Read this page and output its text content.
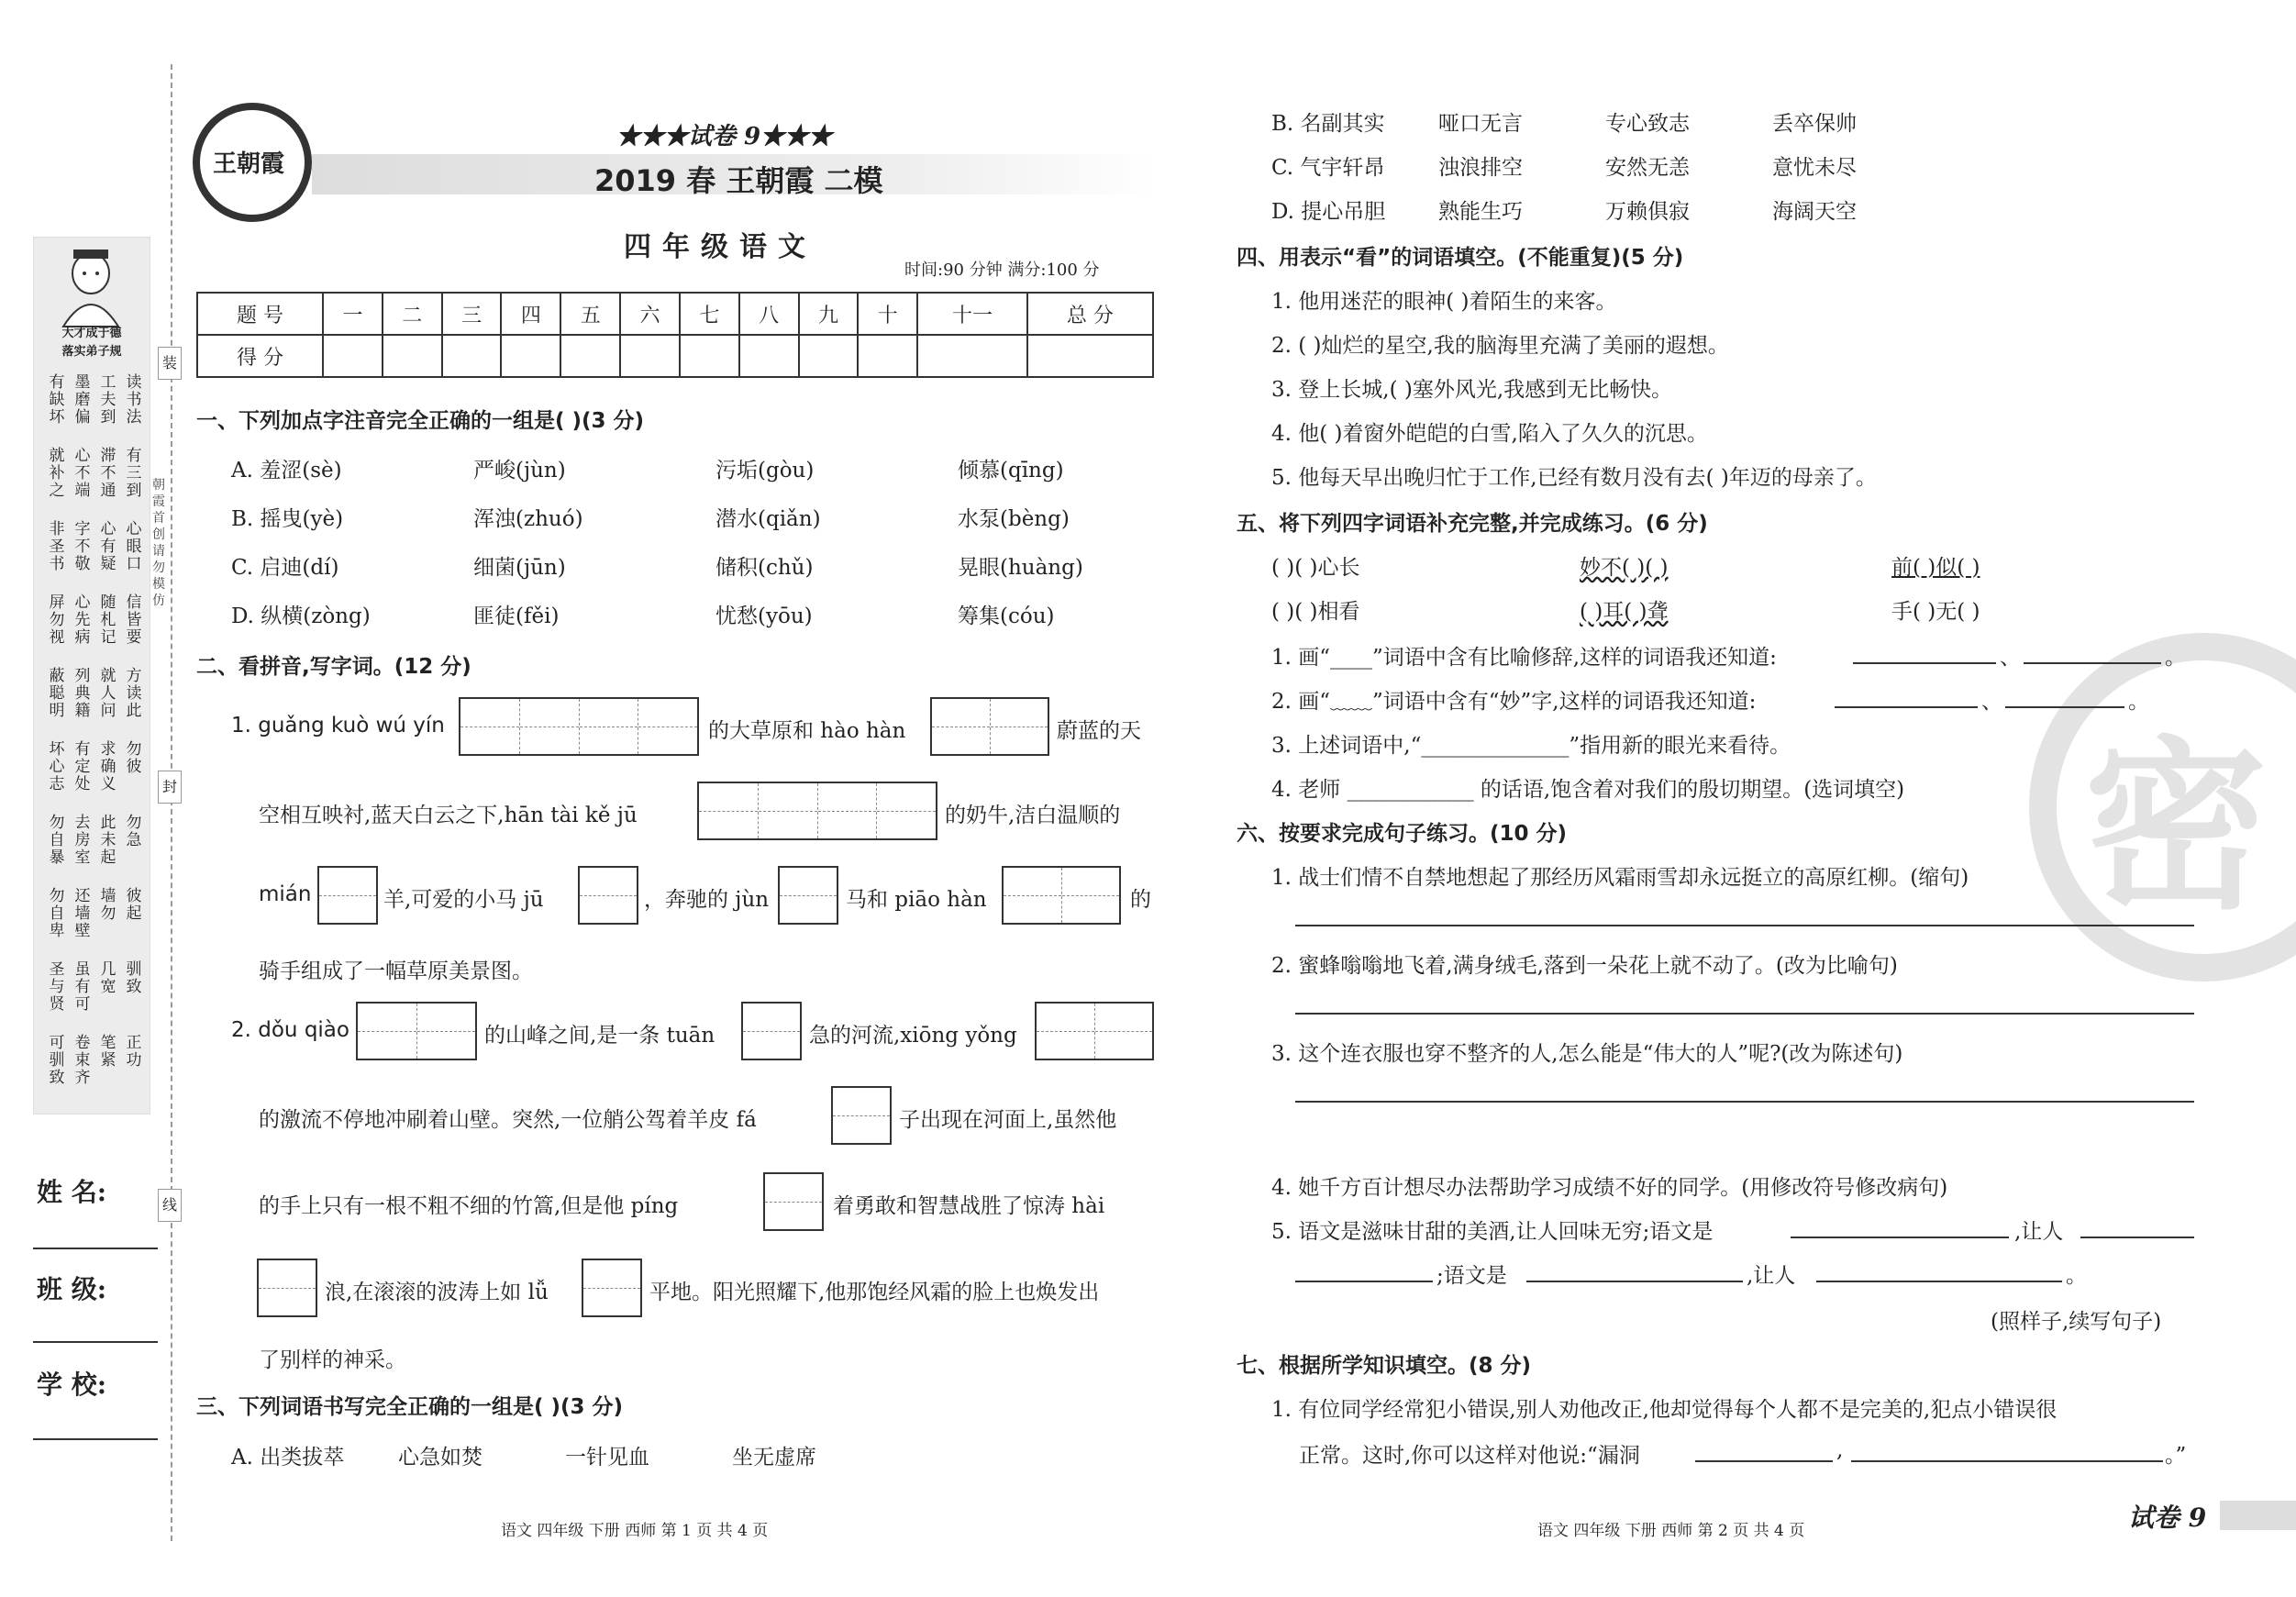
大才成于德
落实弟子规
有缺坏
墨磨偏
工夫到
读书法
就补之
心不端
滞不通
有三到
非圣书
字不敬
心有疑
心眼口
屏勿视
心先病
随札记
信皆要
蔽聪明
列典籍
就人问
方读此
坏心志
有定处
求确义
勿彼
勿自暴
去房室
此未起
勿急
勿自卑
还墙壁
墙勿
彼起
圣与贤
虽有可
几宽
驯致
可驯致
卷束齐
笔紧
正功
姓 名:
班 级:
学 校:
装
封
线
朝霞首创 请勿模仿
王朝霞
★★★试卷 9★★★
2019 春 王朝霞 二模
四年级语文
时间:90 分钟 满分:100 分
题 号	一	二	三	四	五	六	七	八	九	十	十一	总 分
得 分												
一、下列加点字注音完全正确的一组是( )(3 分)
A. 羞涩(sè)	严峻(jùn)	污垢(gòu)	倾慕(qīng)
B. 摇曳(yè)	浑浊(zhuó)	潜水(qiǎn)	水泵(bèng)
C. 启迪(dí)	细菌(jūn)	储积(chǔ)	晃眼(huàng)
D. 纵横(zòng)	匪徒(fěi)	忧愁(yōu)	筹集(cóu)
二、看拼音,写字词。(12 分)
1. guǎng kuò wú yín	的大草原和 hào hàn	蔚蓝的天
空相互映衬,蓝天白云之下,hān tài kě jū	的奶牛,洁白温顺的
mián	羊,可爱的小马 jū	，奔驰的 jùn	马和 piāo hàn	的
骑手组成了一幅草原美景图。
2. dǒu qiào	的山峰之间,是一条 tuān	急的河流,xiōng yǒng
的激流不停地冲刷着山壁。突然,一位艄公驾着羊皮 fá	子出现在河面上,虽然他
的手上只有一根不粗不细的竹篙,但是他 píng	着勇敢和智慧战胜了惊涛 hài
浪,在滚滚的波涛上如 lǚ	平地。阳光照耀下,他那饱经风霜的脸上也焕发出
了别样的神采。
三、下列词语书写完全正确的一组是( )(3 分)
A. 出类拔萃	心急如焚	一针见血	坐无虚席
语文 四年级 下册 西师 第 1 页 共 4 页
密
B. 名副其实	哑口无言	专心致志	丢卒保帅
C. 气宇轩昂	浊浪排空	安然无恙	意忧未尽
D. 提心吊胆	熟能生巧	万赖俱寂	海阔天空
四、用表示“看”的词语填空。(不能重复)(5 分)
1. 他用迷茫的眼神( )着陌生的来客。
2. ( )灿烂的星空,我的脑海里充满了美丽的遐想。
3. 登上长城,( )塞外风光,我感到无比畅快。
4. 他( )着窗外皑皑的白雪,陷入了久久的沉思。
5. 他每天早出晚归忙于工作,已经有数月没有去( )年迈的母亲了。
五、将下列四字词语补充完整,并完成练习。(6 分)
( )( )心长	妙不( )( )	前( )似( )
( )( )相看	( )耳( )聋	手( )无( )
1. 画“____”词语中含有比喻修辞,这样的词语我还知道:	、	。
2. 画“﹏﹏”词语中含有“妙”字,这样的词语我还知道:	、	。
3. 上述词语中,“______________”指用新的眼光来看待。
4. 老师 ____________ 的话语,饱含着对我们的殷切期望。(选词填空)
六、按要求完成句子练习。(10 分)
1. 战士们情不自禁地想起了那经历风霜雨雪却永远挺立的高原红柳。(缩句)
2. 蜜蜂嗡嗡地飞着,满身绒毛,落到一朵花上就不动了。(改为比喻句)
3. 这个连衣服也穿不整齐的人,怎么能是“伟大的人”呢?(改为陈述句)
4. 她千方百计想尽办法帮助学习成绩不好的同学。(用修改符号修改病句)
5. 语文是滋味甘甜的美酒,让人回味无穷;语文是	,让人
;语文是	,让人	。
(照样子,续写句子)
七、根据所学知识填空。(8 分)
1. 有位同学经常犯小错误,别人劝他改正,他却觉得每个人都不是完美的,犯点小错误很
正常。这时,你可以这样对他说:“漏洞	,	。”
语文 四年级 下册 西师 第 2 页 共 4 页	试卷 9
